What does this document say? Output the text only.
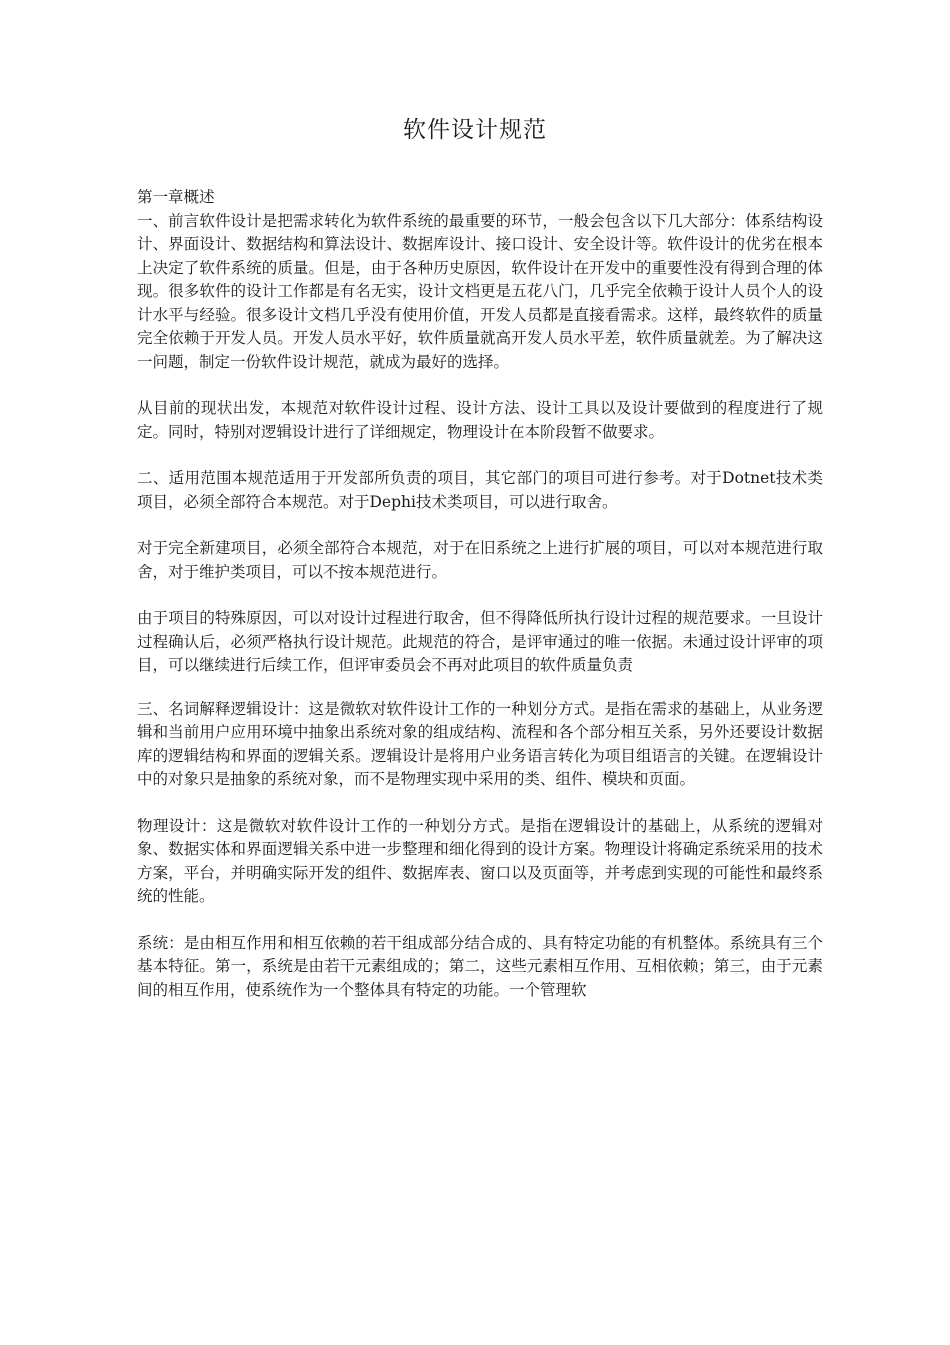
软件设计规范

第一章概述

一、前言软件设计是把需求转化为软件系统的最重要的环节，一般会包含以下几大部分：体系结构设计、界面设计、数据结构和算法设计、数据库设计、接口设计、安全设计等。软件设计的优劣在根本上决定了软件系统的质量。但是，由于各种历史原因，软件设计在开发中的重要性没有得到合理的体现。很多软件的设计工作都是有名无实，设计文档更是五花八门，几乎完全依赖于设计人员个人的设计水平与经验。很多设计文档几乎没有使用价值，开发人员都是直接看需求。这样，最终软件的质量完全依赖于开发人员。开发人员水平好，软件质量就高开发人员水平差，软件质量就差。为了解决这一问题，制定一份软件设计规范，就成为最好的选择。

从目前的现状出发，本规范对软件设计过程、设计方法、设计工具以及设计要做到的程度进行了规定。同时，特别对逻辑设计进行了详细规定，物理设计在本阶段暂不做要求。

二、适用范围本规范适用于开发部所负责的项目，其它部门的项目可进行参考。对于Dotnet技术类项目，必须全部符合本规范。对于Dephi技术类项目，可以进行取舍。

对于完全新建项目，必须全部符合本规范，对于在旧系统之上进行扩展的项目，可以对本规范进行取舍，对于维护类项目，可以不按本规范进行。

由于项目的特殊原因，可以对设计过程进行取舍，但不得降低所执行设计过程的规范要求。一旦设计过程确认后，必须严格执行设计规范。此规范的符合，是评审通过的唯一依据。未通过设计评审的项目，可以继续进行后续工作，但评审委员会不再对此项目的软件质量负责

三、名词解释逻辑设计：这是微软对软件设计工作的一种划分方式。是指在需求的基础上，从业务逻辑和当前用户应用环境中抽象出系统对象的组成结构、流程和各个部分相互关系，另外还要设计数据库的逻辑结构和界面的逻辑关系。逻辑设计是将用户业务语言转化为项目组语言的关键。在逻辑设计中的对象只是抽象的系统对象，而不是物理实现中采用的类、组件、模块和页面。

物理设计：这是微软对软件设计工作的一种划分方式。是指在逻辑设计的基础上，从系统的逻辑对象、数据实体和界面逻辑关系中进一步整理和细化得到的设计方案。物理设计将确定系统采用的技术方案，平台，并明确实际开发的组件、数据库表、窗口以及页面等，并考虑到实现的可能性和最终系统的性能。

系统：是由相互作用和相互依赖的若干组成部分结合成的、具有特定功能的有机整体。系统具有三个基本特征。第一，系统是由若干元素组成的；第二，这些元素相互作用、互相依赖；第三，由于元素间的相互作用，使系统作为一个整体具有特定的功能。一个管理软
